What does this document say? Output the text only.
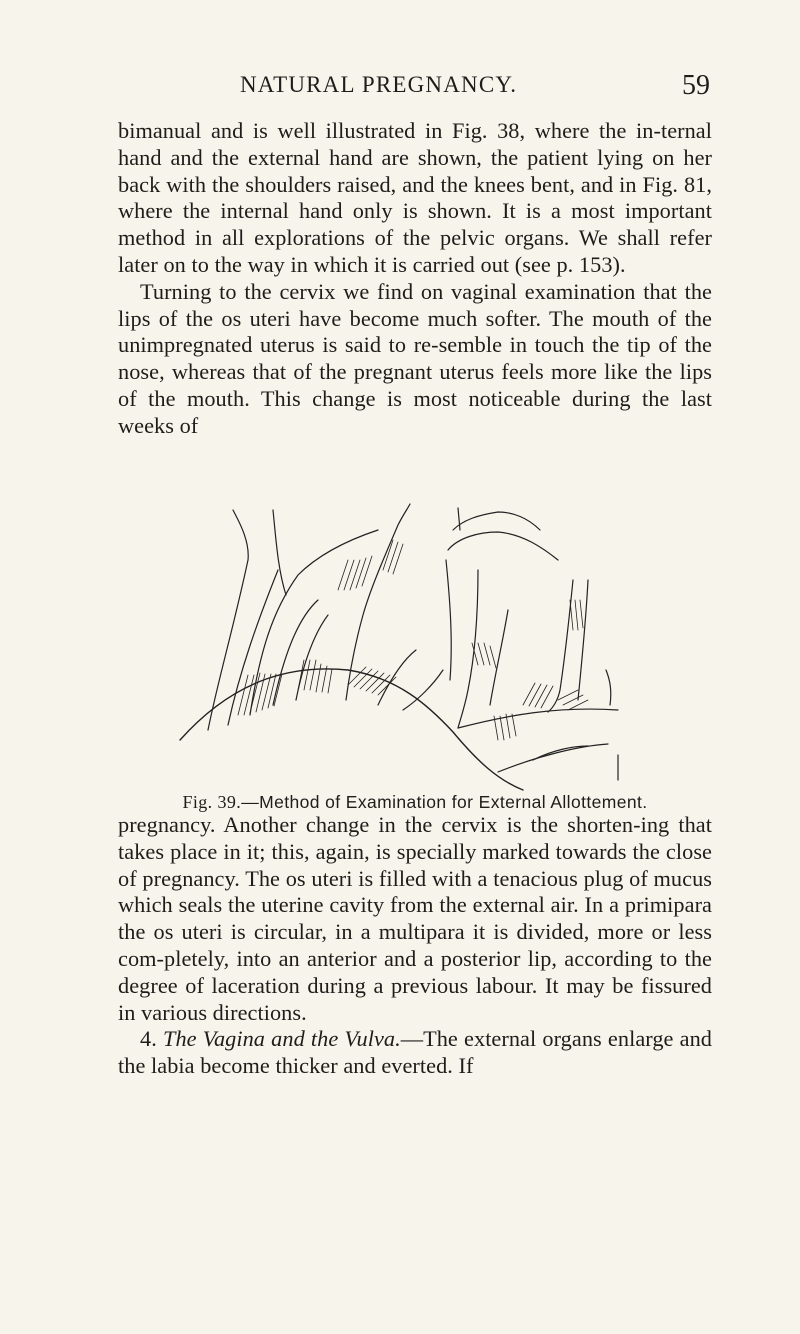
NATURAL PREGNANCY.	59

bimanual and is well illustrated in Fig. 38, where the in-ternal hand and the external hand are shown, the patient lying on her back with the shoulders raised, and the knees bent, and in Fig. 81, where the internal hand only is shown. It is a most important method in all explorations of the pelvic organs. We shall refer later on to the way in which it is carried out (see p. 153).

Turning to the cervix we find on vaginal examination that the lips of the os uteri have become much softer. The mouth of the unimpregnated uterus is said to re-semble in touch the tip of the nose, whereas that of the pregnant uterus feels more like the lips of the mouth. This change is most noticeable during the last weeks of

Fig. 39.—Method of Examination for External Allottement.

pregnancy. Another change in the cervix is the shorten-ing that takes place in it; this, again, is specially marked towards the close of pregnancy. The os uteri is filled with a tenacious plug of mucus which seals the uterine cavity from the external air. In a primipara the os uteri is circular, in a multipara it is divided, more or less com-pletely, into an anterior and a posterior lip, according to the degree of laceration during a previous labour. It may be fissured in various directions.

4. The Vagina and the Vulva.—The external organs enlarge and the labia become thicker and everted. If
